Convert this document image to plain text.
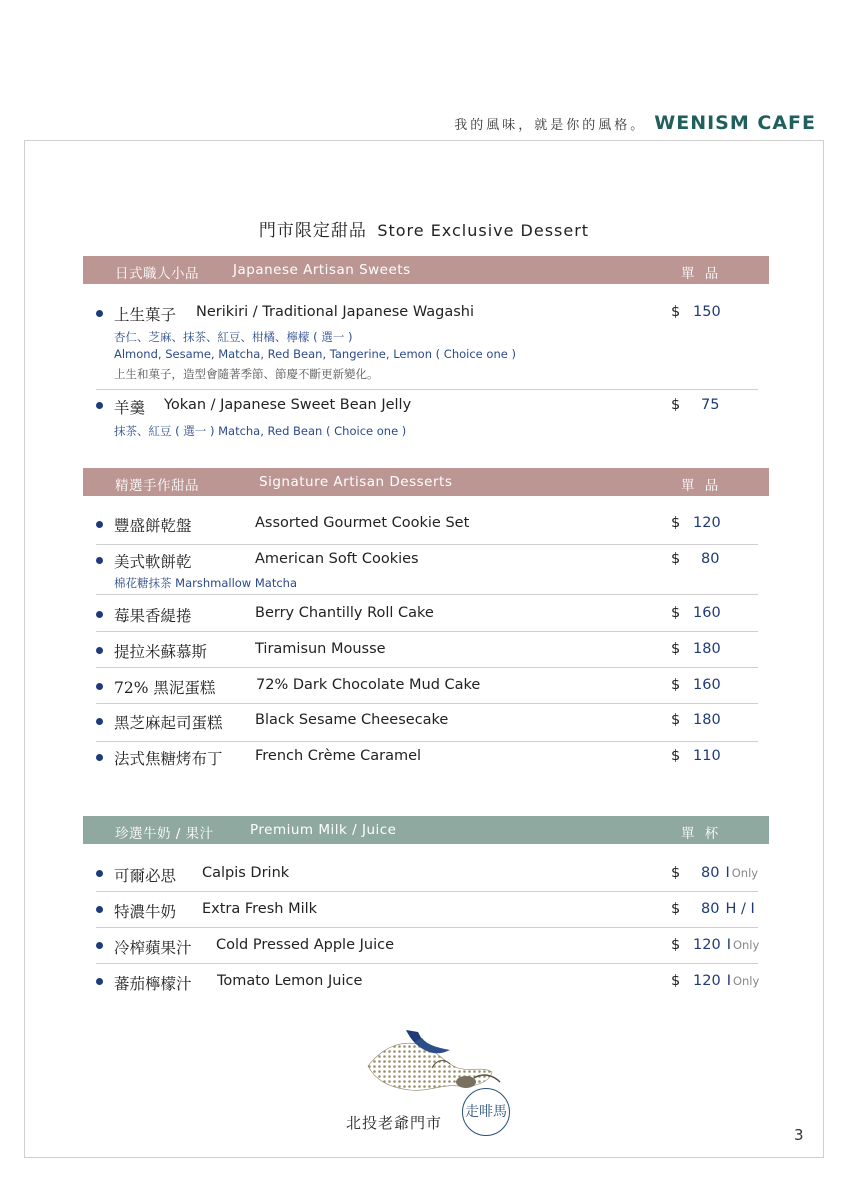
我的風味，就是你的風格。 WENISM CAFE
門市限定甜品 Store Exclusive Dessert
日式職人小品	Japanese Artisan Sweets	單 品
上生菓子 Nerikiri / Traditional Japanese Wagashi	$ 150
杏仁、芝麻、抹茶、紅豆、柑橘、檸檬 ( 選一 )
Almond, Sesame, Matcha, Red Bean, Tangerine, Lemon ( Choice one )
上生和菓子，造型會隨著季節、節慶不斷更新變化。
羊羹 Yokan / Japanese Sweet Bean Jelly	$ 75
抹茶、紅豆 ( 選一 ) Matcha, Red Bean ( Choice one )
精選手作甜品	Signature Artisan Desserts	單 品
豐盛餅乾盤	Assorted Gourmet Cookie Set	$ 120
美式軟餅乾	American Soft Cookies	$ 80
棉花糖抹茶 Marshmallow Matcha
莓果香緹捲	Berry Chantilly Roll Cake	$ 160
提拉米蘇慕斯	Tiramisun Mousse	$ 180
72% 黑泥蛋糕	72% Dark Chocolate Mud Cake	$ 160
黑芝麻起司蛋糕 Black Sesame Cheesecake	$ 180
法式焦糖烤布丁 French Crème Caramel	$ 110
珍選牛奶 / 果汁	Premium Milk / Juice	單 杯
可爾必思 Calpis Drink	$ 80 I Only
特濃牛奶 Extra Fresh Milk	$ 80 H / I
冷榨蘋果汁 Cold Pressed Apple Juice	$ 120 I Only
蕃茄檸檬汁 Tomato Lemon Juice	$ 120 I Only
北投老爺門市
走啡馬
3
